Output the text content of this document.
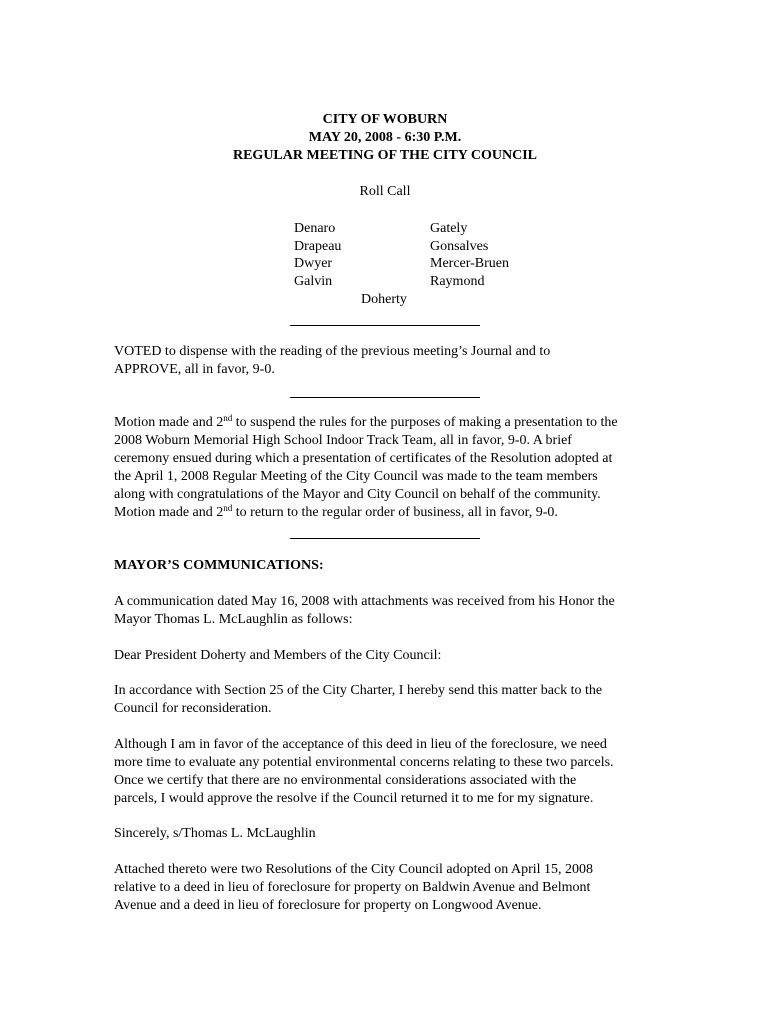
CITY OF WOBURN
MAY 20, 2008 - 6:30 P.M.
REGULAR MEETING OF THE CITY COUNCIL
Roll Call
Denaro
Drapeau
Dwyer
Galvin
Gately
Gonsalves
Mercer-Bruen
Raymond
Doherty
VOTED to dispense with the reading of the previous meeting’s Journal and to
APPROVE, all in favor, 9-0.
Motion made and 2nd to suspend the rules for the purposes of making a presentation to the
2008 Woburn Memorial High School Indoor Track Team, all in favor, 9-0. A brief
ceremony ensued during which a presentation of certificates of the Resolution adopted at
the April 1, 2008 Regular Meeting of the City Council was made to the team members
along with congratulations of the Mayor and City Council on behalf of the community.
Motion made and 2nd to return to the regular order of business, all in favor, 9-0.
MAYOR’S COMMUNICATIONS:
A communication dated May 16, 2008 with attachments was received from his Honor the
Mayor Thomas L. McLaughlin as follows:
Dear President Doherty and Members of the City Council:
In accordance with Section 25 of the City Charter, I hereby send this matter back to the
Council for reconsideration.
Although I am in favor of the acceptance of this deed in lieu of the foreclosure, we need
more time to evaluate any potential environmental concerns relating to these two parcels.
Once we certify that there are no environmental considerations associated with the
parcels, I would approve the resolve if the Council returned it to me for my signature.
Sincerely, s/Thomas L. McLaughlin
Attached thereto were two Resolutions of the City Council adopted on April 15, 2008
relative to a deed in lieu of foreclosure for property on Baldwin Avenue and Belmont
Avenue and a deed in lieu of foreclosure for property on Longwood Avenue.
